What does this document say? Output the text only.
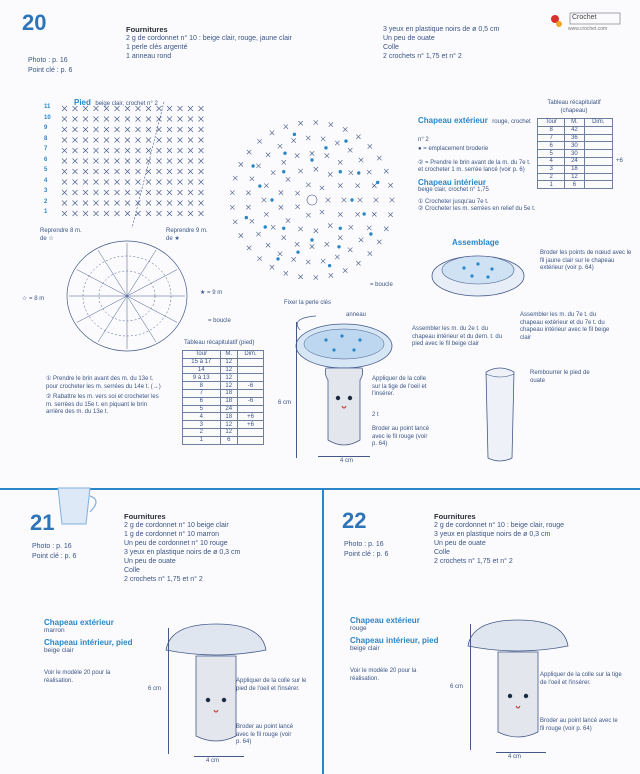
20
Photo : p. 16
Point clé : p. 6
Fournitures
2 g de cordonnet n° 10 : beige clair, rouge, jaune clair
1 perle clés argenté
1 anneau rond
3 yeux en plastique noirs de ø 0,5 cm
Un peu de ouate
Colle
2 crochets n° 1,75 et n° 2
Crochet
www.crochet.com
Pied beige clair, crochet n° 2
11
10
9
8
7
6
5
4
3
2
1
Reprendre 8 m. de ☆
Reprendre 9 m. de ★
☆ = 8 m
★ = 9 m
= boucle
① Prendre le brin avant des m. du 13e t. pour crocheter les m. serrées du 14e t. (→)
② Rabattre les m. vers soi et crocheter les m. serrées du 15e t. en piquant le brin arrière des m. du 13e t.
= boucle
Chapeau extérieur rouge, crochet n° 2
● = emplacement broderie
② = Prendre le brin avant de la m. du 7e t. et crocheter 1 m. serrée lancé (voir p. 6)
Chapeau intérieur
beige clair, crochet n° 1,75
① Crocheter jusqu'au 7e t.
② Crocheter les m. serrées en relief du 5e t.
Tableau récapitulatif (chapeau)
Tour	M.	Dim.
8	42	
7	36	
6	30	
5	30	
4	24	
3	18	
2	12	
1	6	
+6
Assemblage
Broder les points de nœud avec le fil jaune clair sur le chapeau extérieur (voir p. 64)
Assembler les m. du 2e t. du chapeau intérieur et du dern. t. du pied avec le fil beige clair
Assembler les m. du 7e t. du chapeau extérieur et du 7e t. du chapeau intérieur avec le fil beige clair
Rembourrer le pied de ouate
Tableau récapitulatif (pied)
Tour	M.	Dim.
15 à 17	12	
14	12	
9 à 13	12	
8	12	-6
7	18	
6	18	-6
5	24	
4	18	+6
3	12	+6
2	12	
1	6	
Fixer la perle clés
anneau
6 cm
4 cm
Appliquer de la colle sur la tige de l'oeil et l'insérer.
2 t
Broder au point lancé avec le fil rouge (voir p. 64)
21
Photo : p. 16
Point clé : p. 6
Fournitures
2 g de cordonnet n° 10 beige clair
1 g de cordonnet n° 10 marron
Un peu de cordonnet n° 10 rouge
3 yeux en plastique noirs de ø 0,3 cm
Un peu de ouate
Colle
2 crochets n° 1,75 et n° 2
Chapeau extérieur
marron
Chapeau intérieur, pied
beige clair
Voir le modèle 20 pour la réalisation.
6 cm
4 cm
Appliquer de la colle sur le pied de l'oeil et l'insérer.
Broder au point lancé avec le fil rouge (voir p. 64)
22
Photo : p. 16
Point clé : p. 6
Fournitures
2 g de cordonnet n° 10 : beige clair, rouge
3 yeux en plastique noirs de ø 0,3 cm
Un peu de ouate
Colle
2 crochets n° 1,75 et n° 2
Chapeau extérieur
rouge
Chapeau intérieur, pied
beige clair
Voir le modèle 20 pour la réalisation.
6 cm
4 cm
Appliquer de la colle sur la tige de l'oeil et l'insérer.
Broder au point lancé avec le fil rouge (voir p. 64)
